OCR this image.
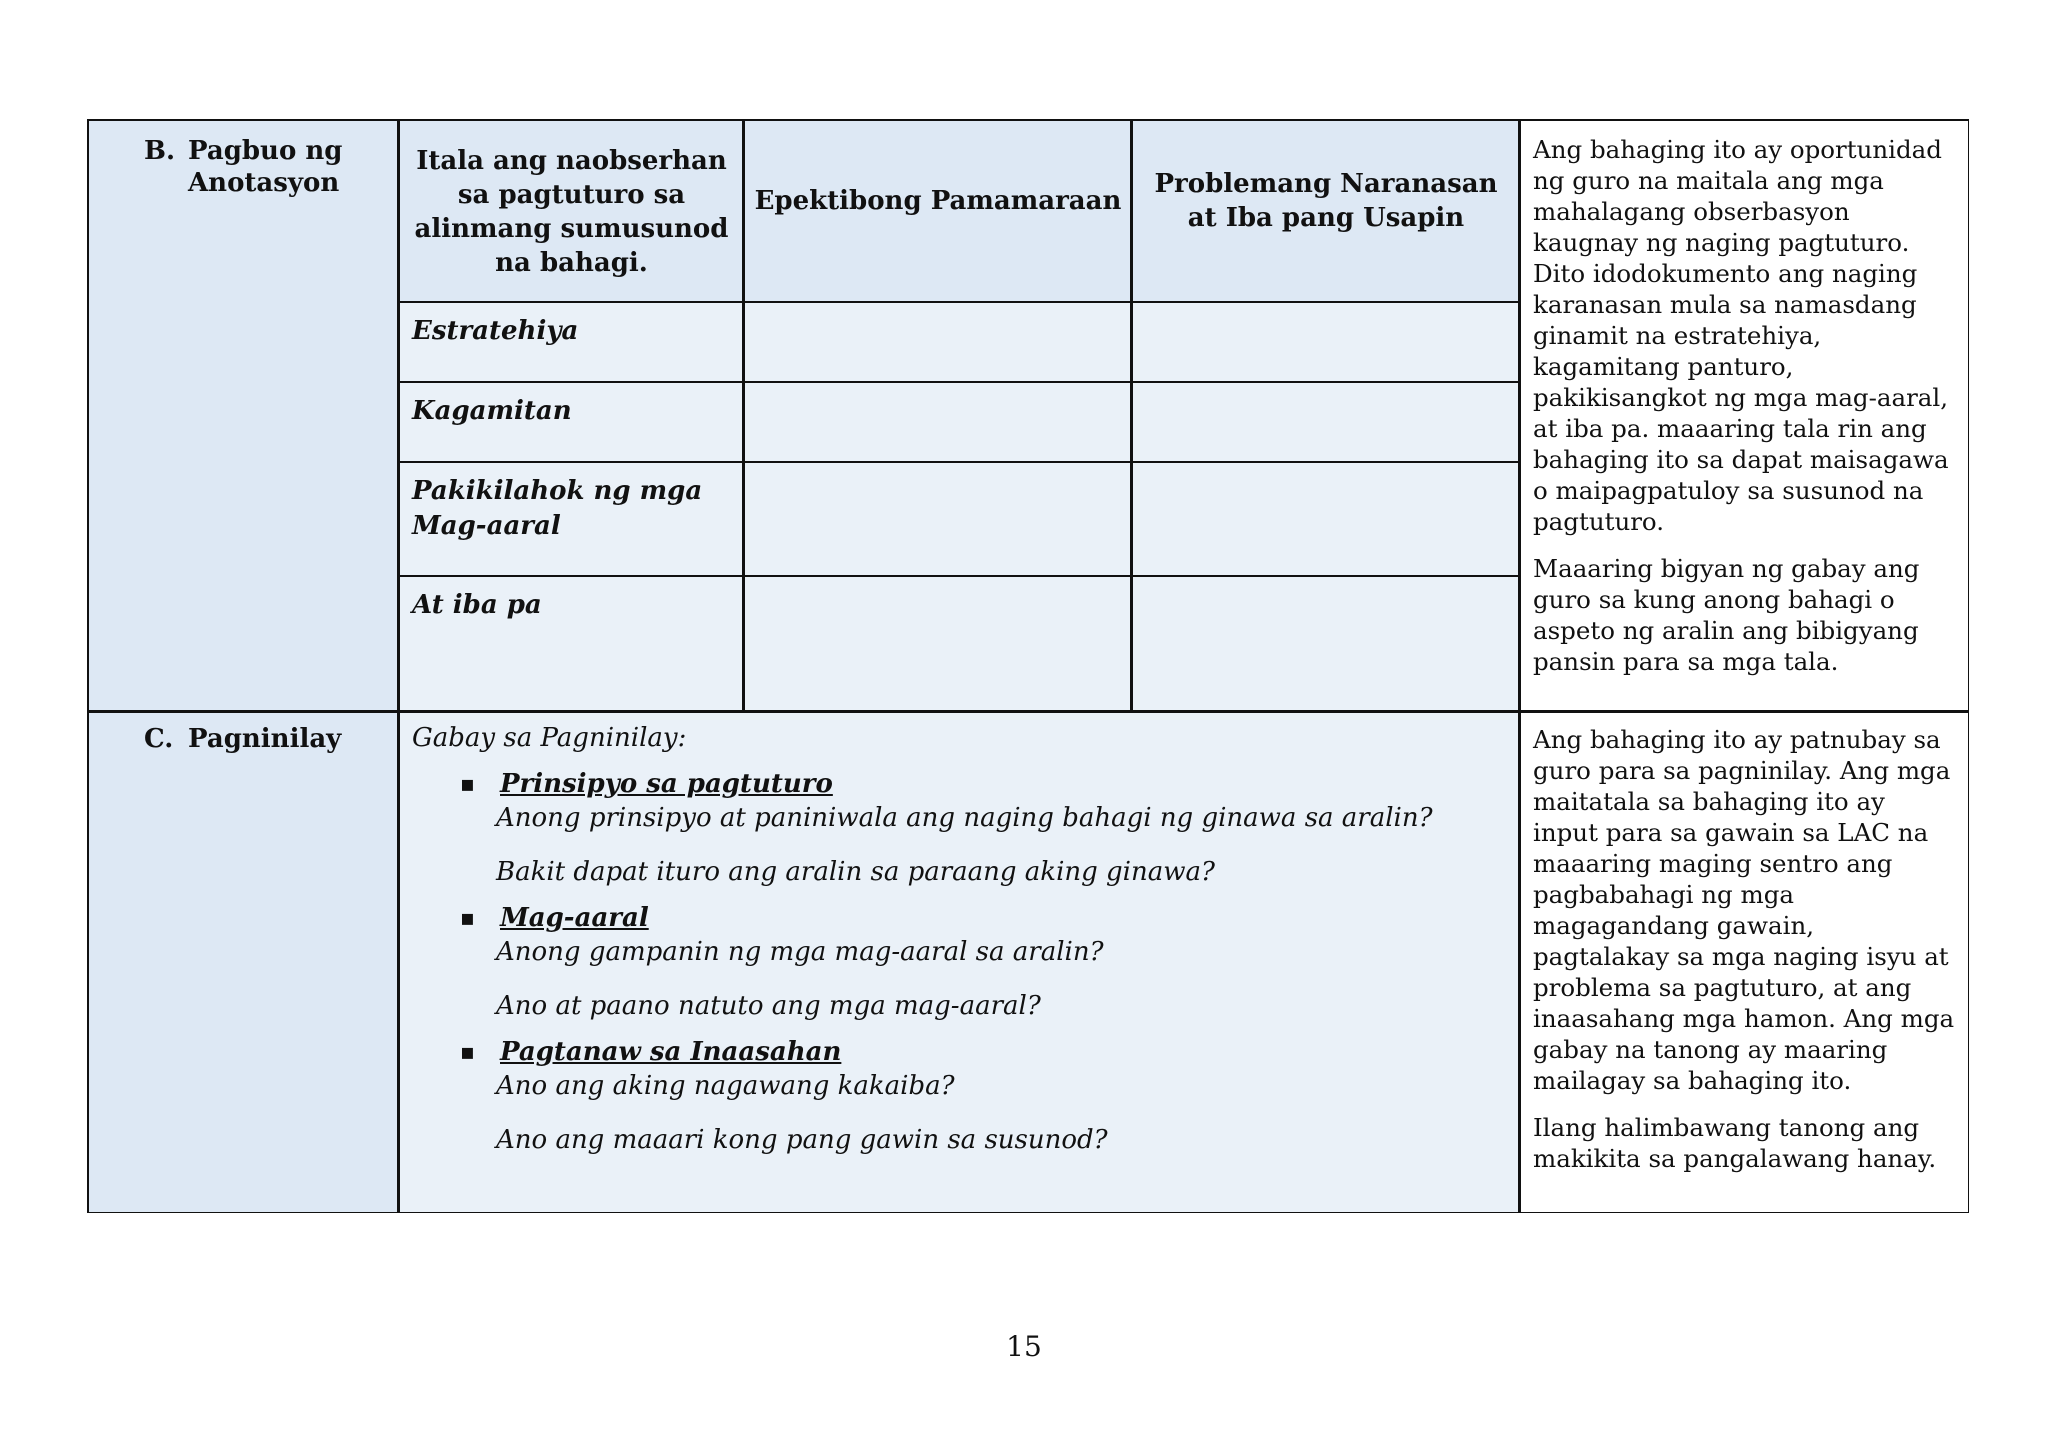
B. Pagbuo ng
Anotasyon
Itala ang naobserhan sa pagtuturo sa alinmang sumusunod na bahagi.
Epektibong Pamamaraan
Problemang Naranasan at Iba pang Usapin
Estratehiya
Kagamitan
Pakikilahok ng mga Mag-aaral
At iba pa

Ang bahaging ito ay oportunidad ng guro na maitala ang mga mahalagang obserbasyon kaugnay ng naging pagtuturo. Dito idodokumento ang naging karanasan mula sa namasdang ginamit na estratehiya, kagamitang panturo, pakikisangkot ng mga mag-aaral, at iba pa. maaaring tala rin ang bahaging ito sa dapat maisagawa o maipagpatuloy sa susunod na pagtuturo.

Maaaring bigyan ng gabay ang guro sa kung anong bahagi o aspeto ng aralin ang bibigyang pansin para sa mga tala.

C. Pagninilay	Gabay sa Pagninilay:

▪ Prinsipyo sa pagtuturo
Anong prinsipyo at paniniwala ang naging bahagi ng ginawa sa aralin?
Bakit dapat ituro ang aralin sa paraang aking ginawa?
▪ Mag-aaral
Anong gampanin ng mga mag-aaral sa aralin?
Ano at paano natuto ang mga mag-aaral?
▪ Pagtanaw sa Inaasahan
Ano ang aking nagawang kakaiba?
Ano ang maaari kong pang gawin sa susunod?

Ang bahaging ito ay patnubay sa guro para sa pagninilay. Ang mga maitatala sa bahaging ito ay input para sa gawain sa LAC na maaaring maging sentro ang pagbabahagi ng mga magagandang gawain, pagtalakay sa mga naging isyu at problema sa pagtuturo, at ang inaasahang mga hamon. Ang mga gabay na tanong ay maaring mailagay sa bahaging ito.

Ilang halimbawang tanong ang makikita sa pangalawang hanay.

15
